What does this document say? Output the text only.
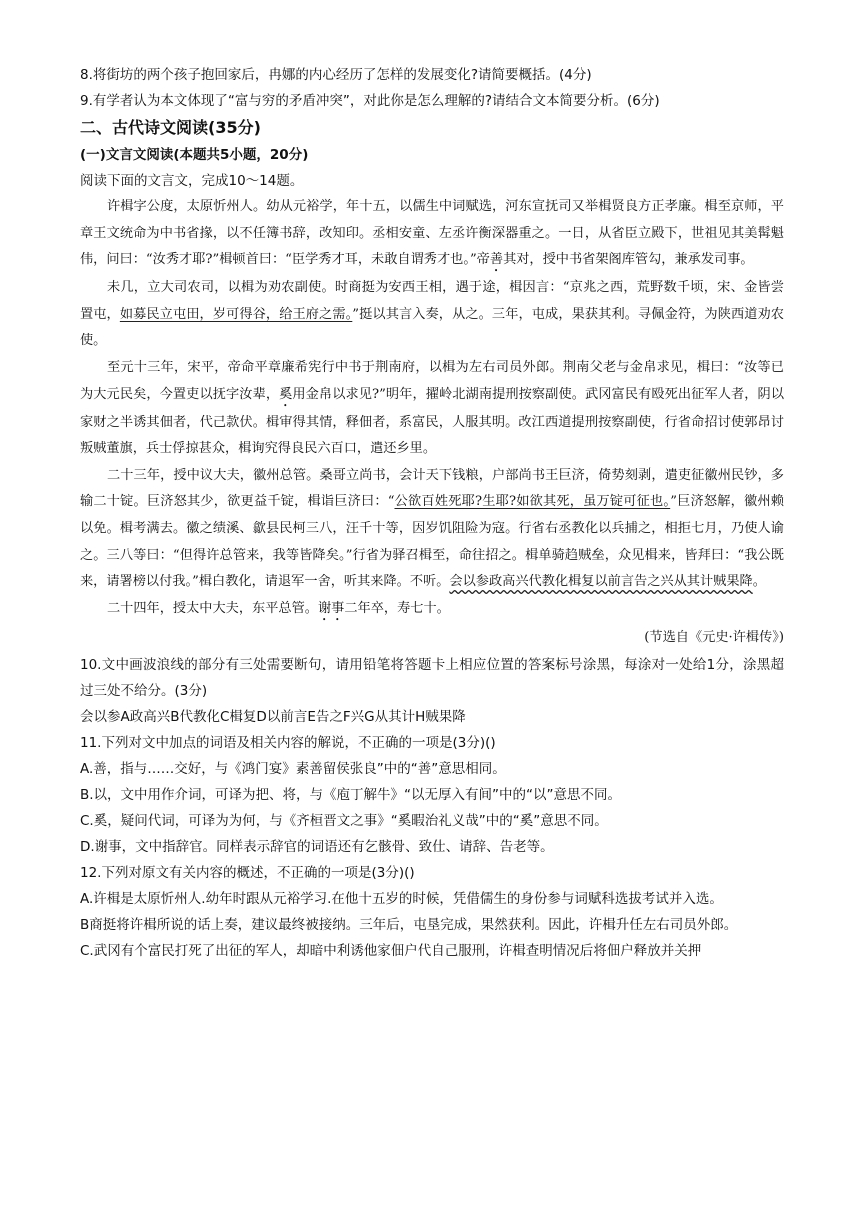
8.将街坊的两个孩子抱回家后，冉娜的内心经历了怎样的发展变化?请简要概括。(4分)
9.有学者认为本文体现了“富与穷的矛盾冲突”，对此你是怎么理解的?请结合文本简要分析。(6分)
二、古代诗文阅读(35分)
(一)文言文阅读(本题共5小题，20分)
阅读下面的文言文，完成10～14题。
许楫字公度，太原忻州人。幼从元裕学，年十五，以儒生中词赋选，河东宣抚司又举楫贤良方正孝廉。楫至京师，平章王文统命为中书省掾，以不任簿书辞，改知印。丞相安童、左丞许衡深器重之。一日，从省臣立殿下，世祖见其美髯魁伟，问曰：“汝秀才耶?”楫顿首曰：“臣学秀才耳，未敢自谓秀才也。”帝善其对，授中书省架阁库管勾，兼承发司事。
未几，立大司农司，以楫为劝农副使。时商挺为安西王相，遇于途，楫因言：“京兆之西，荒野数千顷，宋、金皆尝置屯，如募民立屯田，岁可得谷，给王府之需。”挺以其言入奏，从之。三年，屯成，果获其利。寻佩金符，为陕西道劝农使。
至元十三年，宋平，帝命平章廉希宪行中书于荆南府，以楫为左右司员外郎。荆南父老与金帛求见，楫曰：“汝等已为大元民矣，今置吏以抚字汝辈，奚用金帛以求见?”明年，擢岭北湖南提刑按察副使。武冈富民有殴死出征军人者，阴以家财之半诱其佃者，代己款伏。楫审得其情，释佃者，系富民，人服其明。改江西道提刑按察副使，行省命招讨使郭昂讨叛贼董旗，兵士俘掠甚众，楫询究得良民六百口，遣还乡里。
二十三年，授中议大夫，徽州总管。桑哥立尚书，会计天下钱粮，户部尚书王巨济，倚势刻剥，遣吏征徽州民钞，多输二十锭。巨济怒其少，欲更益千锭，楫诣巨济曰：“公欲百姓死耶?生耶?如欲其死，虽万锭可征也。”巨济怒解，徽州赖以免。楫考满去。徽之绩溪、歙县民柯三八，汪千十等，因岁饥阻险为寇。行省右丞教化以兵捕之，相拒七月，乃使人谕之。三八等曰：“但得许总管来，我等皆降矣。”行省为驿召楫至，命往招之。楫单骑趋贼垒，众见楫来，皆拜曰：“我公既来，请署榜以付我。”楫白教化，请退军一舍，听其来降。不听。会以参政高兴代教化楫复以前言告之兴从其计贼果降。
二十四年，授太中大夫，东平总管。谢事二年卒，寿七十。
(节选自《元史·许楫传》)
10.文中画波浪线的部分有三处需要断句，请用铅笔将答题卡上相应位置的答案标号涂黑，每涂对一处给1分，涂黑超过三处不给分。(3分)
会以参A政高兴B代教化C楫复D以前言E告之F兴G从其计H贼果降
11.下列对文中加点的词语及相关内容的解说，不正确的一项是(3分)()
A.善，指与……交好，与《鸿门宴》素善留侯张良”中的“善”意思相同。
B.以，文中用作介词，可译为把、将，与《庖丁解牛》“以无厚入有间”中的“以”意思不同。
C.奚，疑问代词，可译为为何，与《齐桓晋文之事》“奚暇治礼义哉”中的“奚”意思不同。
D.谢事，文中指辞官。同样表示辞官的词语还有乞骸骨、致仕、请辞、告老等。
12.下列对原文有关内容的概述，不正确的一项是(3分)()
A.许楫是太原忻州人.幼年时跟从元裕学习.在他十五岁的时候，凭借儒生的身份参与词赋科选拔考试并入选。
B商挺将许楫所说的话上奏，建议最终被接纳。三年后，屯垦完成，果然获利。因此，许楫升任左右司员外郎。
C.武冈有个富民打死了出征的军人，却暗中利诱他家佃户代自己服刑，许楫查明情况后将佃户释放并关押
